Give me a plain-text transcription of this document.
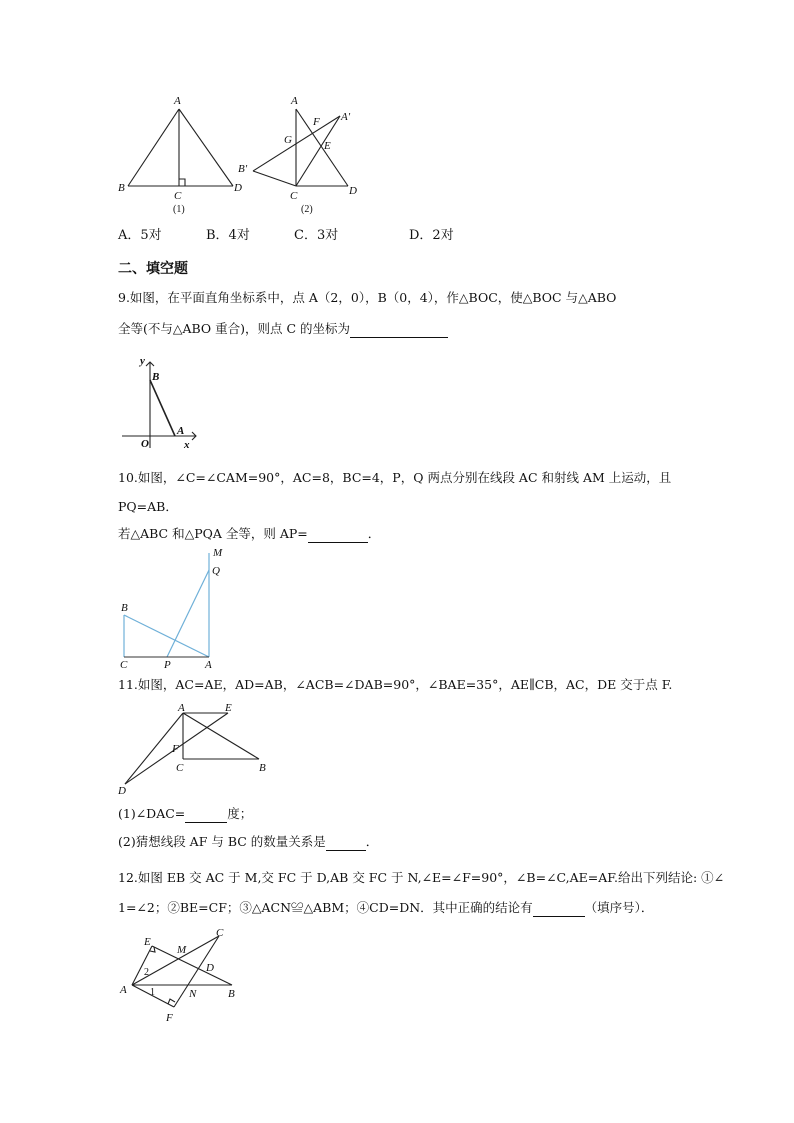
A
B
C
D
(1)
A
A′
F
G	E
B′
C	D
(2)
A．5对	B．4对	C．3对	D．2对
二、填空题
9.如图，在平面直角坐标系中，点 A（2，0），B（0，4），作△BOC，使△BOC 与△ABO
全等(不与△ABO 重合)，则点 C 的坐标为
y
B
A
O	x
10.如图，∠C=∠CAM=90°，AC=8，BC=4，P，Q 两点分别在线段 AC 和射线 AM 上运动，且
PQ=AB．
若△ABC 和△PQA 全等，则 AP=	．
M
Q
B
C	P	A
11.如图，AC=AE，AD=AB，∠ACB=∠DAB=90°，∠BAE=35°，AE∥CB，AC，DE 交于点 F.
A	E
F
C	B
D
(1)∠DAC=	度；
(2)猜想线段 AF 与 BC 的数量关系是	．
12.如图 EB 交 AC 于 M,交 FC 于 D,AB 交 FC 于 N,∠E=∠F=90°，∠B=∠C,AE=AF.给出下列结论: ①∠
1=∠2；②BE=CF；③△ACN≌△ABM；④CD=DN．其中正确的结论有	（填序号）．
E
M
C
D
2
1
A	N	B
F
